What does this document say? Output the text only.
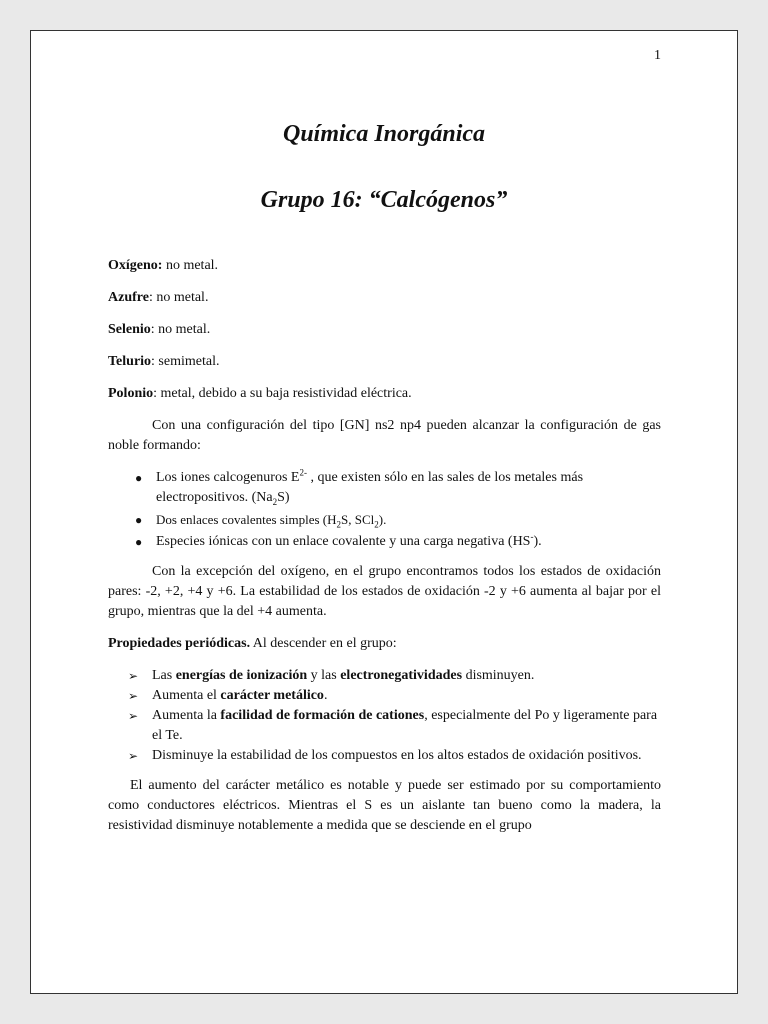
1
Química Inorgánica
Grupo 16: “Calcógenos”

Oxígeno: no metal.

Azufre: no metal.

Selenio: no metal.

Telurio: semimetal.

Polonio: metal, debido a su baja resistividad eléctrica.

Con una configuración del tipo [GN] ns2 np4 pueden alcanzar la configuración de gas noble formando:

● Los iones calcogenuros $E^{2-}$ , que existen sólo en las sales de los metales más electropositivos. $(Na_2S)$
● Dos enlaces covalentes simples ($H_2S$, SCl$_2$).
● Especies iónicas con un enlace covalente y una carga negativa (HS-).

Con la excepción del oxígeno, en el grupo encontramos todos los estados de oxidación pares: -2, +2, +4 y +6. La estabilidad de los estados de oxidación -2 y +6 aumenta al bajar por el grupo, mientras que la del +4 aumenta.

Propiedades periódicas. Al descender en el grupo:

➢ Las energías de ionización y las electronegatividades disminuyen.
➢ Aumenta el carácter metálico.
➢ Aumenta la facilidad de formación de cationes, especialmente del Po y ligeramente para el Te.
➢ Disminuye la estabilidad de los compuestos en los altos estados de oxidación positivos.

El aumento del carácter metálico es notable y puede ser estimado por su comportamiento como conductores eléctricos. Mientras el S es un aislante tan bueno como la madera, la resistividad disminuye notablemente a medida que se desciende en el grupo
